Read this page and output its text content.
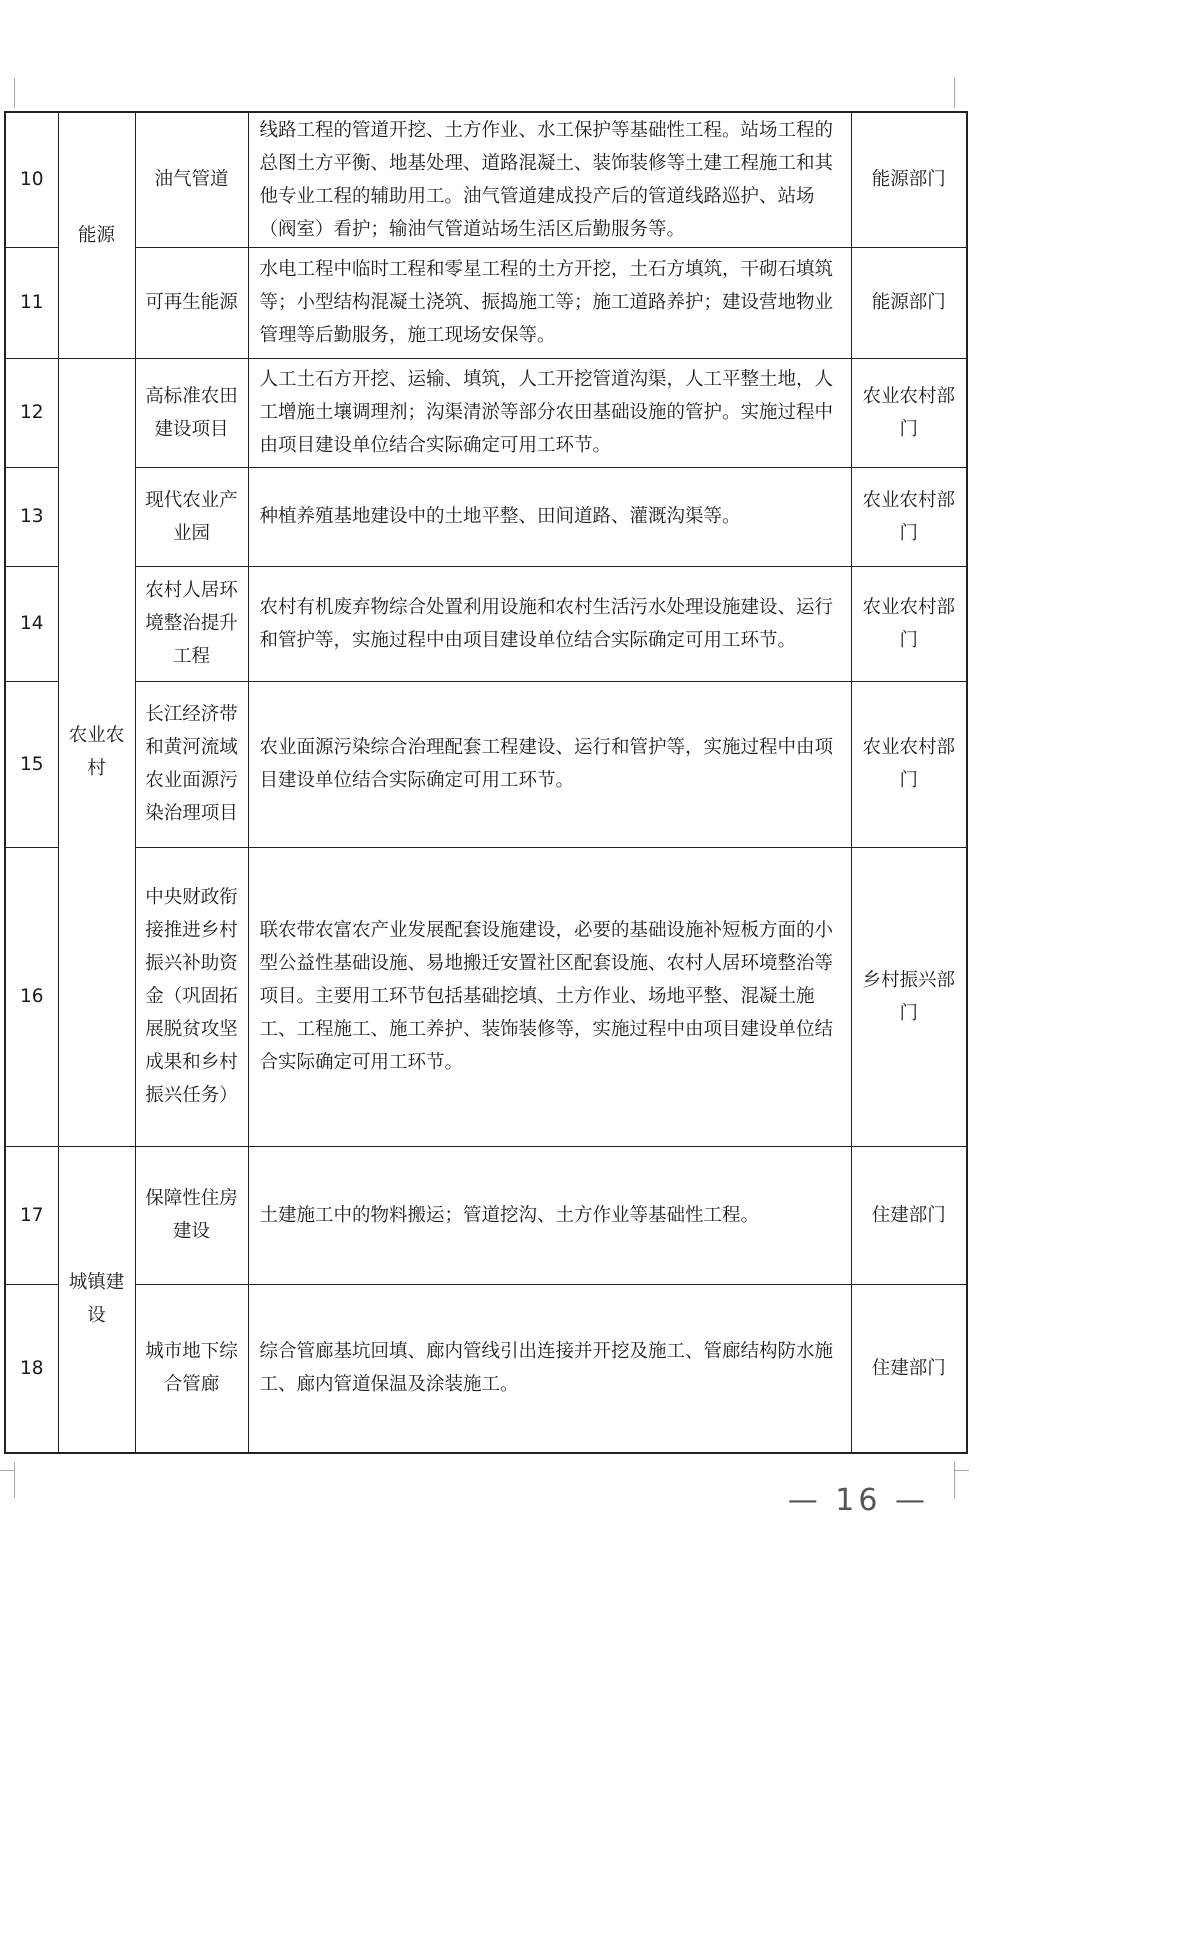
10	能源	油气管道	线路工程的管道开挖、土方作业、水工保护等基础性工程。站场工程的总图土方平衡、地基处理、道路混凝土、装饰装修等土建工程施工和其他专业工程的辅助用工。油气管道建成投产后的管道线路巡护、站场（阀室）看护；输油气管道站场生活区后勤服务等。	能源部门
11		可再生能源	水电工程中临时工程和零星工程的土方开挖，土石方填筑，干砌石填筑等；小型结构混凝土浇筑、振捣施工等；施工道路养护；建设营地物业管理等后勤服务，施工现场安保等。	能源部门
12	农业农村	高标准农田建设项目	人工土石方开挖、运输、填筑，人工开挖管道沟渠，人工平整土地，人工增施土壤调理剂；沟渠清淤等部分农田基础设施的管护。实施过程中由项目建设单位结合实际确定可用工环节。	农业农村部门
13		现代农业产业园	种植养殖基地建设中的土地平整、田间道路、灌溉沟渠等。	农业农村部门
14		农村人居环境整治提升工程	农村有机废弃物综合处置利用设施和农村生活污水处理设施建设、运行和管护等，实施过程中由项目建设单位结合实际确定可用工环节。	农业农村部门
15		长江经济带和黄河流域农业面源污染治理项目	农业面源污染综合治理配套工程建设、运行和管护等，实施过程中由项目建设单位结合实际确定可用工环节。	农业农村部门
16		中央财政衔接推进乡村振兴补助资金（巩固拓展脱贫攻坚成果和乡村振兴任务）	联农带农富农产业发展配套设施建设，必要的基础设施补短板方面的小型公益性基础设施、易地搬迁安置社区配套设施、农村人居环境整治等项目。主要用工环节包括基础挖填、土方作业、场地平整、混凝土施工、工程施工、施工养护、装饰装修等，实施过程中由项目建设单位结合实际确定可用工环节。	乡村振兴部门
17	城镇建设	保障性住房建设	土建施工中的物料搬运；管道挖沟、土方作业等基础性工程。	住建部门
18		城市地下综合管廊	综合管廊基坑回填、廊内管线引出连接并开挖及施工、管廊结构防水施工、廊内管道保温及涂装施工。	住建部门
— 16 —
